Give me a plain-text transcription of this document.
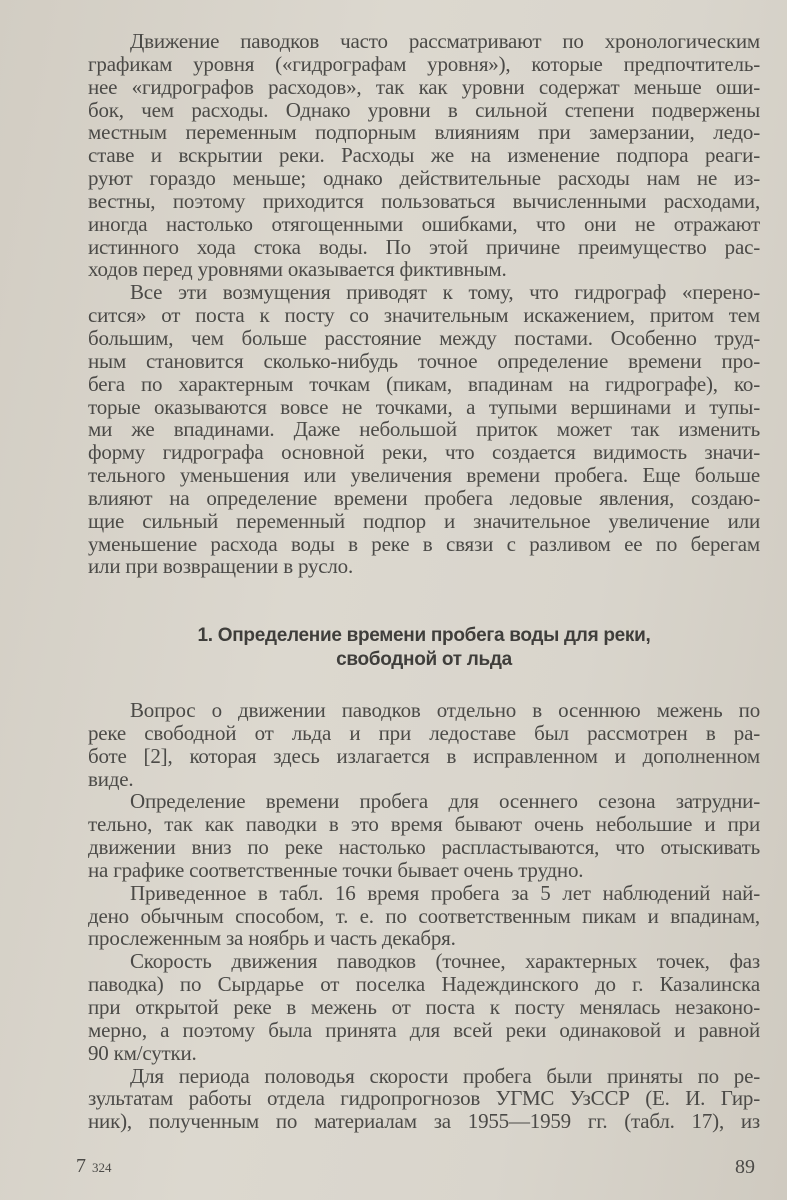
Движение паводков часто рассматривают по хронологическим
графикам уровня («гидрографам уровня»), которые предпочтитель-
нее «гидрографов расходов», так как уровни содержат меньше оши-
бок, чем расходы. Однако уровни в сильной степени подвержены
местным переменным подпорным влияниям при замерзании, ледо-
ставе и вскрытии реки. Расходы же на изменение подпора реаги-
руют гораздо меньше; однако действительные расходы нам не из-
вестны, поэтому приходится пользоваться вычисленными расходами,
иногда настолько отягощенными ошибками, что они не отражают
истинного хода стока воды. По этой причине преимущество рас-
ходов перед уровнями оказывается фиктивным.
Все эти возмущения приводят к тому, что гидрограф «перено-
сится» от поста к посту со значительным искажением, притом тем
большим, чем больше расстояние между постами. Особенно труд-
ным становится сколько-нибудь точное определение времени про-
бега по характерным точкам (пикам, впадинам на гидрографе), ко-
торые оказываются вовсе не точками, а тупыми вершинами и тупы-
ми же впадинами. Даже небольшой приток может так изменить
форму гидрографа основной реки, что создается видимость значи-
тельного уменьшения или увеличения времени пробега. Еще больше
влияют на определение времени пробега ледовые явления, создаю-
щие сильный переменный подпор и значительное увеличение или
уменьшение расхода воды в реке в связи с разливом ее по берегам
или при возвращении в русло.
1. Определение времени пробега воды для реки,
свободной от льда
Вопрос о движении паводков отдельно в осеннюю межень по
реке свободной от льда и при ледоставе был рассмотрен в ра-
боте [2], которая здесь излагается в исправленном и дополненном
виде.
Определение времени пробега для осеннего сезона затрудни-
тельно, так как паводки в это время бывают очень небольшие и при
движении вниз по реке настолько распластываются, что отыскивать
на графике соответственные точки бывает очень трудно.
Приведенное в табл. 16 время пробега за 5 лет наблюдений най-
дено обычным способом, т. е. по соответственным пикам и впадинам,
прослеженным за ноябрь и часть декабря.
Скорость движения паводков (точнее, характерных точек, фаз
паводка) по Сырдарье от поселка Надеждинского до г. Казалинска
при открытой реке в межень от поста к посту менялась незаконо-
мерно, а поэтому была принята для всей реки одинаковой и равной
90 км/сутки.
Для периода половодья скорости пробега были приняты по ре-
зультатам работы отдела гидропрогнозов УГМС УзССР (Е. И. Гир-
ник), полученным по материалам за 1955—1959 гг. (табл. 17), из
7 324	89
